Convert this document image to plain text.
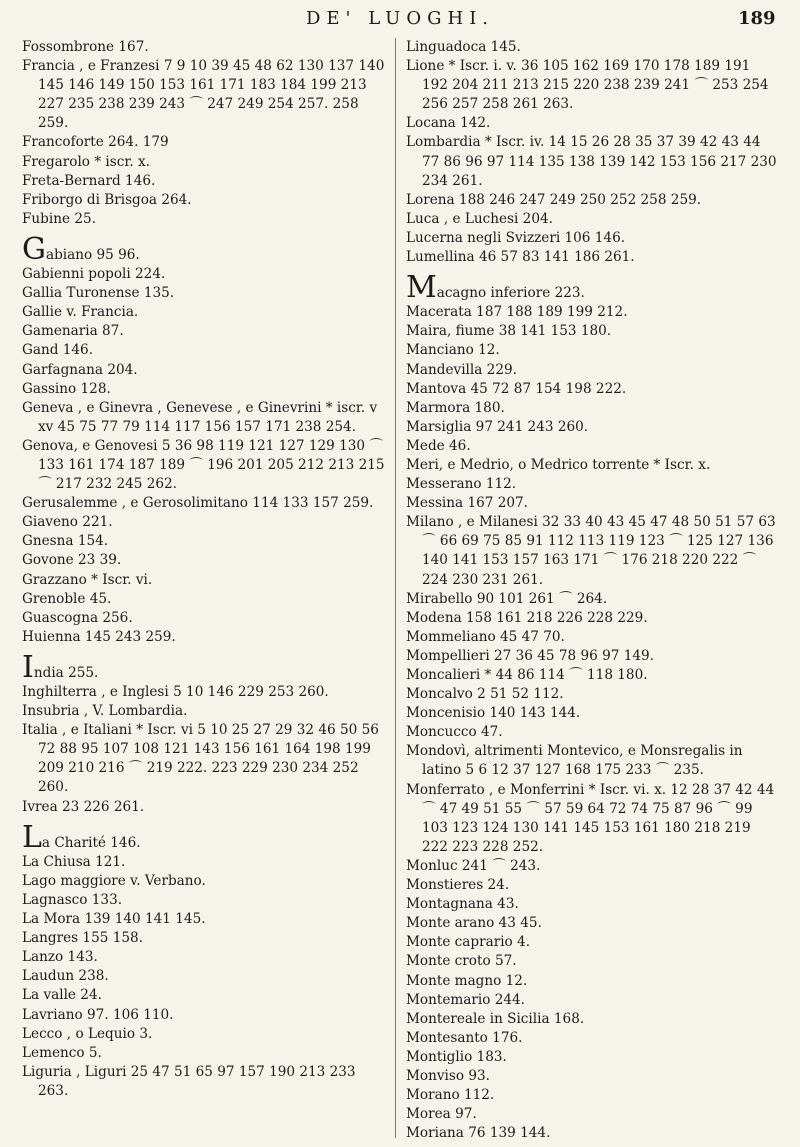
DE' LUOGHI.	189
Fossombrone 167.
Francia , e Franzesi 7 9 10 39 45 48 62 130 137 140 145 146 149 150 153 161 171 183 184 199 213 227 235 238 239 243 ⌒ 247 249 254 257. 258 259.
Francoforte 264. 179
Fregarolo * iscr. x.
Freta-Bernard 146.
Friborgo di Brisgoa 264.
Fubine 25.
Gabiano 95 96.
Gabienni popoli 224.
Gallia Turonense 135.
Gallie v. Francia.
Gamenaria 87.
Gand 146.
Garfagnana 204.
Gassino 128.
Geneva , e Ginevra , Genevese , e Ginevrini * iscr. v xv 45 75 77 79 114 117 156 157 171 238 254.
Genova, e Genovesi 5 36 98 119 121 127 129 130 ⌒ 133 161 174 187 189 ⌒ 196 201 205 212 213 215 ⌒ 217 232 245 262.
Gerusalemme , e Gerosolimitano 114 133 157 259.
Giaveno 221.
Gnesna 154.
Govone 23 39.
Grazzano * Iscr. vi.
Grenoble 45.
Guascogna 256.
Huienna 145 243 259.
India 255.
Inghilterra , e Inglesi 5 10 146 229 253 260.
Insubria , V. Lombardia.
Italia , e Italiani * Iscr. vi 5 10 25 27 29 32 46 50 56 72 88 95 107 108 121 143 156 161 164 198 199 209 210 216 ⌒ 219 222. 223 229 230 234 252 260.
Ivrea 23 226 261.
La Charité 146.
La Chiusa 121.
Lago maggiore v. Verbano.
Lagnasco 133.
La Mora 139 140 141 145.
Langres 155 158.
Lanzo 143.
Laudun 238.
La valle 24.
Lavriano 97. 106 110.
Lecco , o Lequio 3.
Lemenco 5.
Liguria , Liguri 25 47 51 65 97 157 190 213 233 263.
Linguadoca 145.
Lione * Iscr. i. v. 36 105 162 169 170 178 189 191 192 204 211 213 215 220 238 239 241 ⌒ 253 254 256 257 258 261 263.
Locana 142.
Lombardia * Iscr. iv. 14 15 26 28 35 37 39 42 43 44 77 86 96 97 114 135 138 139 142 153 156 217 230 234 261.
Lorena 188 246 247 249 250 252 258 259.
Luca , e Luchesi 204.
Lucerna negli Svizzeri 106 146.
Lumellina 46 57 83 141 186 261.
Macagno inferiore 223.
Macerata 187 188 189 199 212.
Maira, fiume 38 141 153 180.
Manciano 12.
Mandevilla 229.
Mantova 45 72 87 154 198 222.
Marmora 180.
Marsiglia 97 241 243 260.
Mede 46.
Meri, e Medrio, o Medrico torrente * Iscr. x.
Messerano 112.
Messina 167 207.
Milano , e Milanesi 32 33 40 43 45 47 48 50 51 57 63 ⌒ 66 69 75 85 91 112 113 119 123 ⌒ 125 127 136 140 141 153 157 163 171 ⌒ 176 218 220 222 ⌒ 224 230 231 261.
Mirabello 90 101 261 ⌒ 264.
Modena 158 161 218 226 228 229.
Mommeliano 45 47 70.
Mompellieri 27 36 45 78 96 97 149.
Moncalieri * 44 86 114 ⌒ 118 180.
Moncalvo 2 51 52 112.
Moncenisio 140 143 144.
Moncucco 47.
Mondovì, altrimenti Montevico, e Monsregalis in latino 5 6 12 37 127 168 175 233 ⌒ 235.
Monferrato , e Monferrini * Iscr. vi. x. 12 28 37 42 44 ⌒ 47 49 51 55 ⌒ 57 59 64 72 74 75 87 96 ⌒ 99 103 123 124 130 141 145 153 161 180 218 219 222 223 228 252.
Monluc 241 ⌒ 243.
Monstieres 24.
Montagnana 43.
Monte arano 43 45.
Monte caprario 4.
Monte croto 57.
Monte magno 12.
Montemario 244.
Montereale in Sicilia 168.
Montesanto 176.
Montiglio 183.
Monviso 93.
Morano 112.
Morea 97.
Moriana 76 139 144.
